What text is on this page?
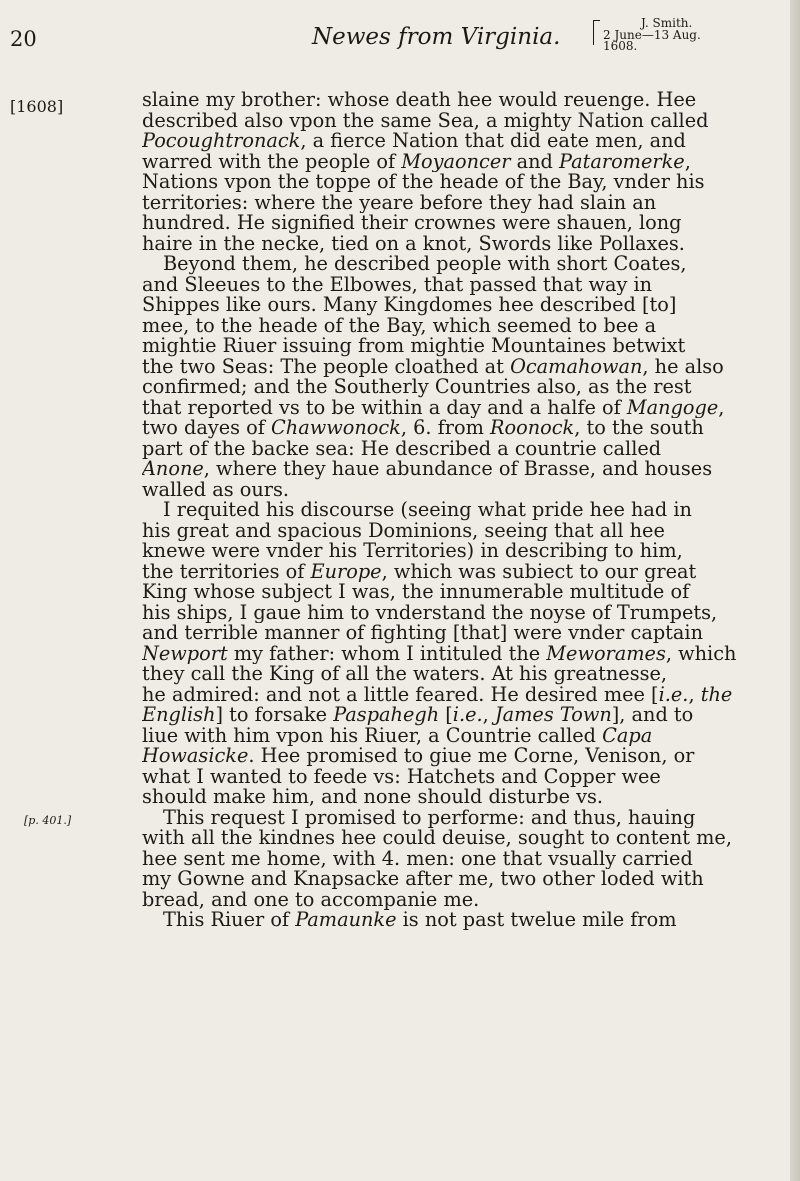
20	Newes from Virginia.
J. Smith.
2 June—13 Aug. 1608.
[1608]
[p. 401.]
slaine my brother: whose death hee would reuenge. Hee
described also vpon the same Sea, a mighty Nation called
Pocoughtronack, a fierce Nation that did eate men, and
warred with the people of Moyaoncer and Pataromerke,
Nations vpon the toppe of the heade of the Bay, vnder his
territories: where the yeare before they had slain an
hundred. He signified their crownes were shauen, long
haire in the necke, tied on a knot, Swords like Pollaxes.
Beyond them, he described people with short Coates,
and Sleeues to the Elbowes, that passed that way in
Shippes like ours. Many Kingdomes hee described [to]
mee, to the heade of the Bay, which seemed to bee a
mightie Riuer issuing from mightie Mountaines betwixt
the two Seas: The people cloathed at Ocamahowan, he also
confirmed; and the Southerly Countries also, as the rest
that reported vs to be within a day and a halfe of Mangoge,
two dayes of Chawwonock, 6. from Roonock, to the south
part of the backe sea: He described a countrie called
Anone, where they haue abundance of Brasse, and houses
walled as ours.
I requited his discourse (seeing what pride hee had in
his great and spacious Dominions, seeing that all hee
knewe were vnder his Territories) in describing to him,
the territories of Europe, which was subiect to our great
King whose subject I was, the innumerable multitude of
his ships, I gaue him to vnderstand the noyse of Trumpets,
and terrible manner of fighting [that] were vnder captain
Newport my father: whom I intituled the Meworames, which
they call the King of all the waters. At his greatnesse,
he admired: and not a little feared. He desired mee [i.e., the
English] to forsake Paspahegh [i.e., James Town], and to
liue with him vpon his Riuer, a Countrie called Capa
Howasicke. Hee promised to giue me Corne, Venison, or
what I wanted to feede vs: Hatchets and Copper wee
should make him, and none should disturbe vs.
This request I promised to performe: and thus, hauing
with all the kindnes hee could deuise, sought to content me,
hee sent me home, with 4. men: one that vsually carried
my Gowne and Knapsacke after me, two other loded with
bread, and one to accompanie me.
This Riuer of Pamaunke is not past twelue mile from
